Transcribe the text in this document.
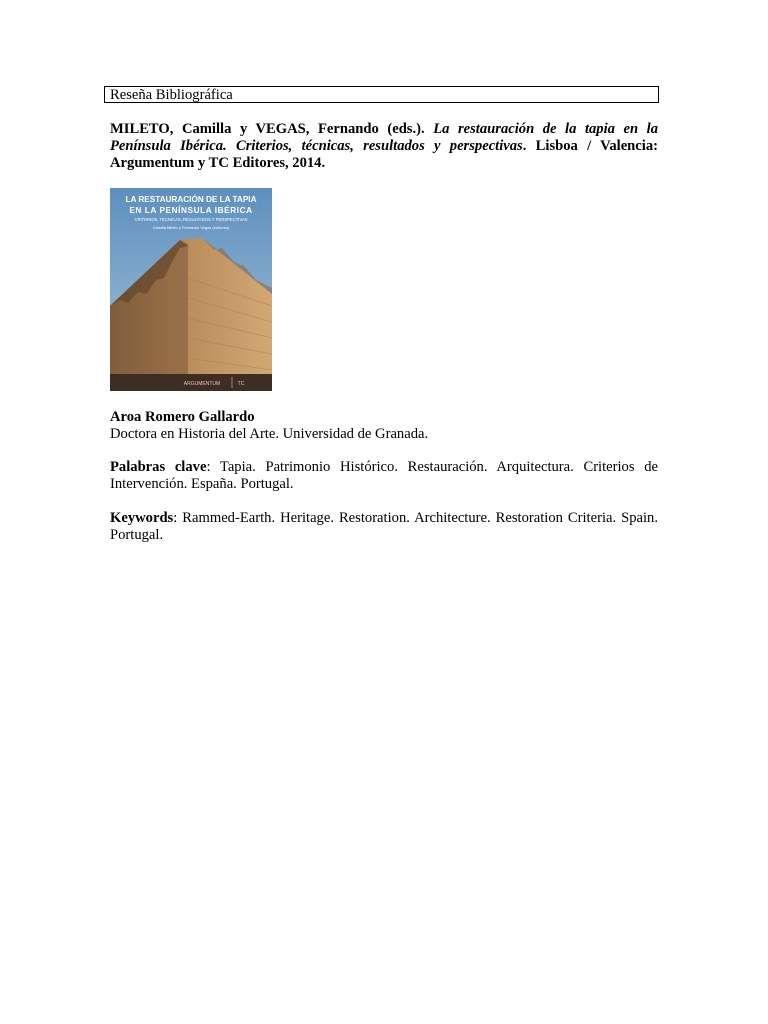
Reseña Bibliográfica
MILETO, Camilla y VEGAS, Fernando (eds.). La restauración de la tapia en la Península Ibérica. Criterios, técnicas, resultados y perspectivas. Lisboa / Valencia: Argumentum y TC Editores, 2014.
LA RESTAURACIÓN DE LA TAPIA
EN LA PENÍNSULA IBÉRICA
CRITERIOS, TÉCNICAS, RESULTADOS Y PERSPECTIVAS
Camilla Mileto y Fernando Vegas (editores)
ARGUMENTUM	TC
Aroa Romero Gallardo
Doctora en Historia del Arte. Universidad de Granada.
Palabras clave: Tapia. Patrimonio Histórico. Restauración. Arquitectura. Criterios de Intervención. España. Portugal.
Keywords: Rammed-Earth. Heritage. Restoration. Architecture. Restoration Criteria. Spain. Portugal.
